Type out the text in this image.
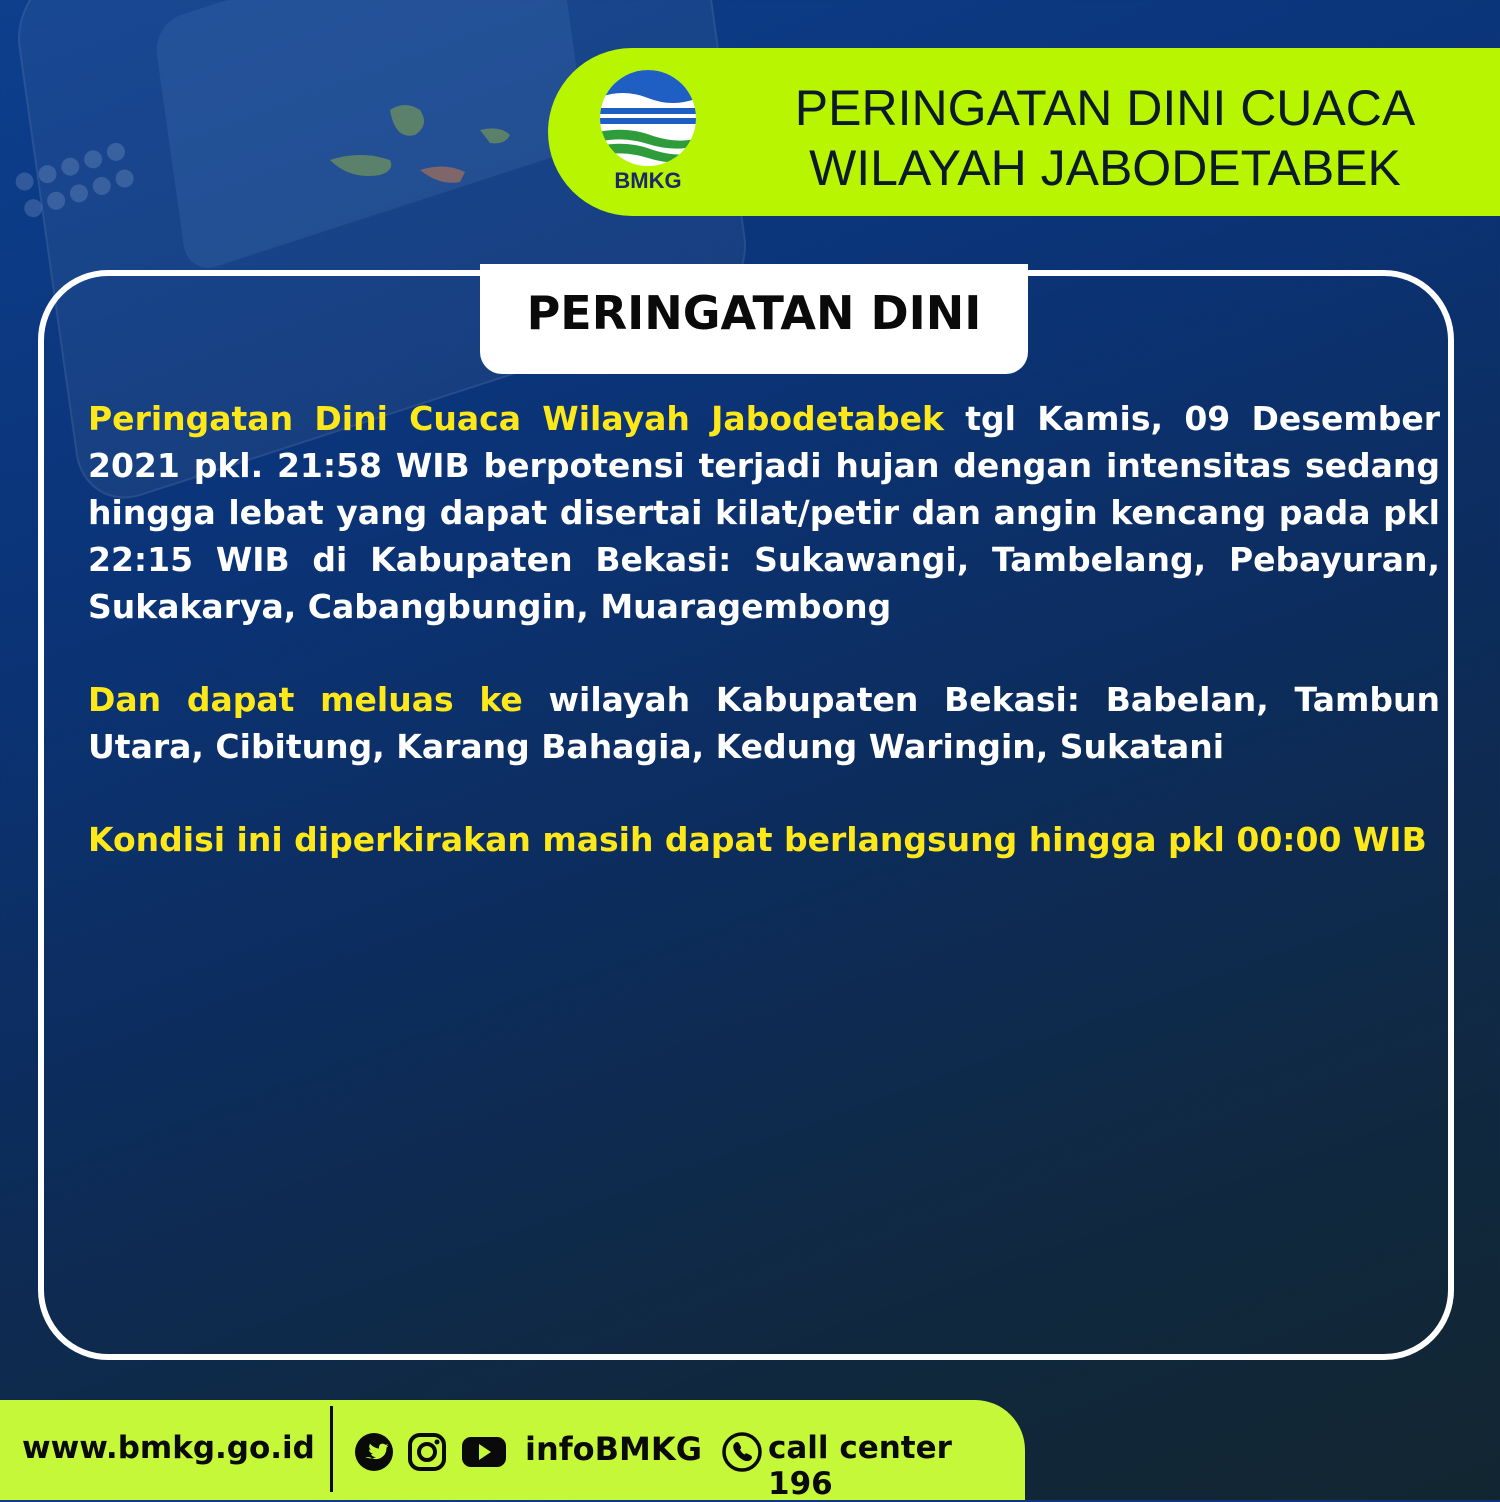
BMKG
PERINGATAN DINI CUACA
WILAYAH JABODETABEK
PERINGATAN DINI

Peringatan Dini Cuaca Wilayah Jabodetabek tgl Kamis, 09 Desember 2021 pkl. 21:58 WIB berpotensi terjadi hujan dengan intensitas sedang hingga lebat yang dapat disertai kilat/petir dan angin kencang pada pkl 22:15 WIB di Kabupaten Bekasi: Sukawangi, Tambelang, Pebayuran, Sukakarya, Cabangbungin, Muaragembong

Dan dapat meluas ke wilayah Kabupaten Bekasi: Babelan, Tambun Utara, Cibitung, Karang Bahagia, Kedung Waringin, Sukatani

Kondisi ini diperkirakan masih dapat berlangsung hingga pkl 00:00 WIB

www.bmkg.go.id	infoBMKG call center 196
